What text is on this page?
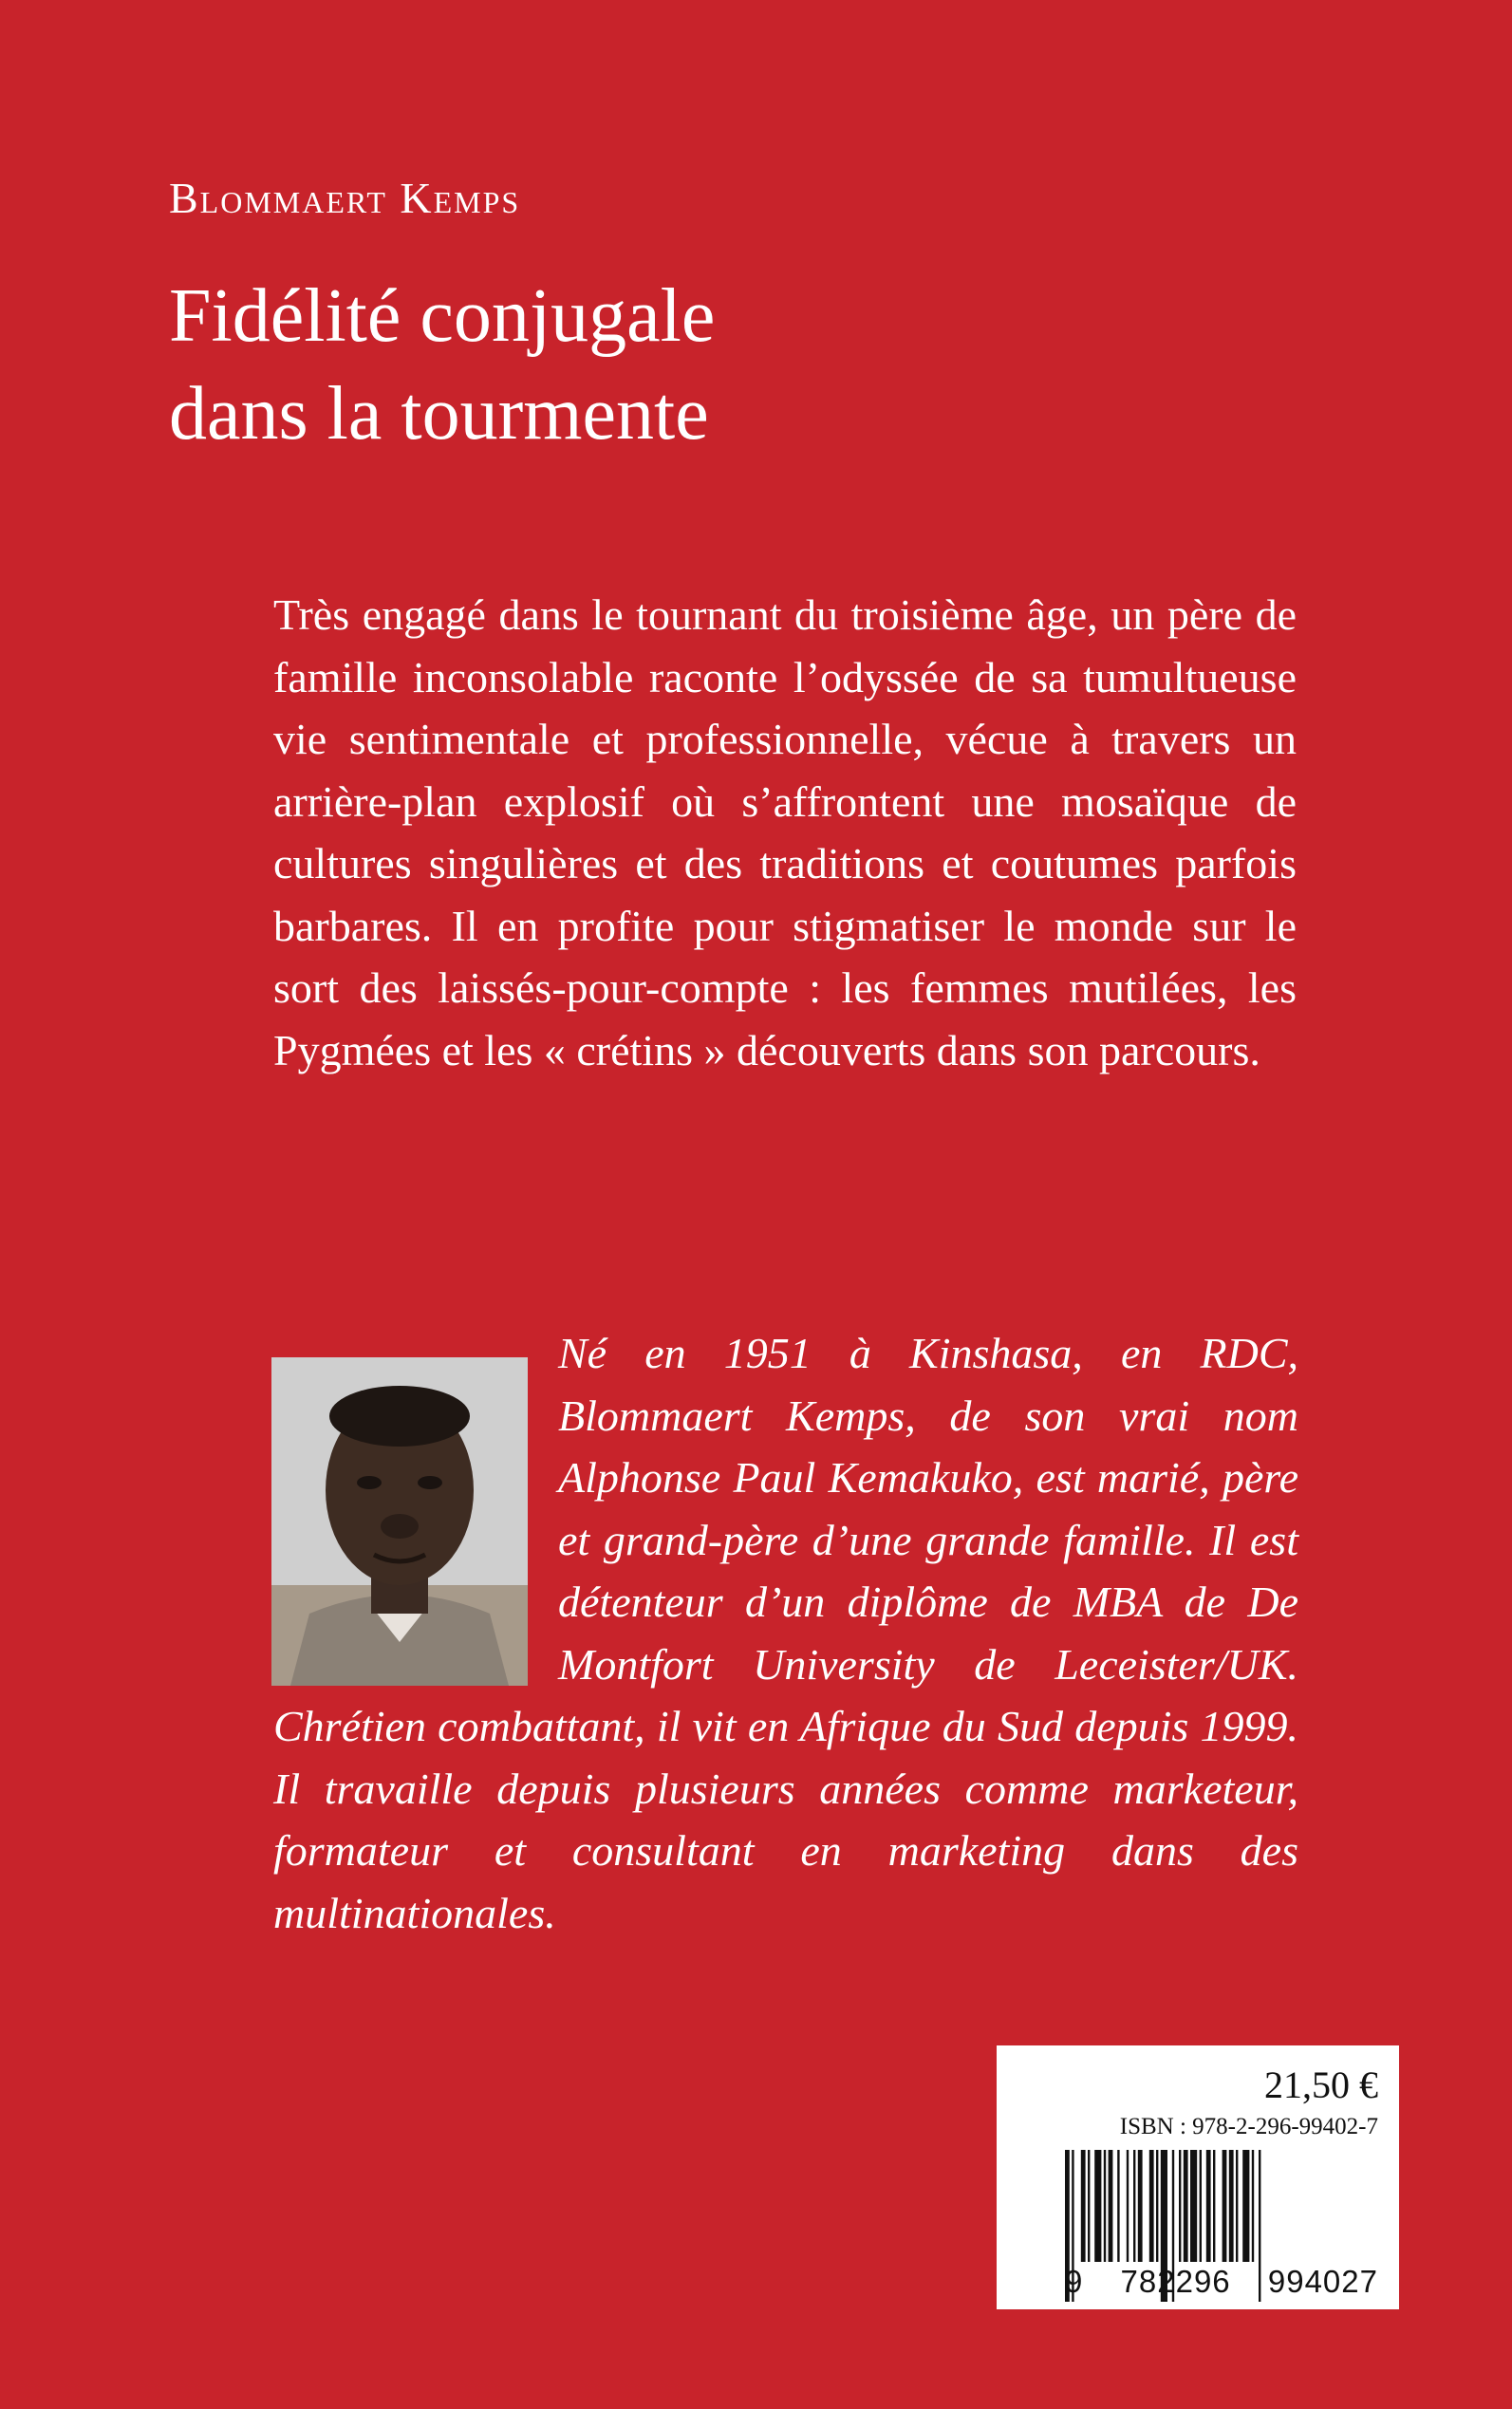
Blommaert Kemps
Fidélité conjugale
dans la tourmente

Très engagé dans le tournant du troisième âge, un père de famille inconsolable raconte l’odyssée de sa tumultueuse vie sentimentale et professionnelle, vécue à travers un arrière-plan explosif où s’affrontent une mosaïque de cultures singulières et des traditions et coutumes parfois barbares. Il en profite pour stigmatiser le monde sur le sort des laissés-pour-compte : les femmes mutilées, les Pygmées et les « crétins » découverts dans son parcours.

Né en 1951 à Kinshasa, en RDC, Blommaert Kemps, de son vrai nom Alphonse Paul Kemakuko, est marié, père et grand-père d’une grande famille. Il est détenteur d’un diplôme de MBA de De Montfort University de Leceister/UK. Chrétien combattant, il vit en Afrique du Sud depuis 1999. Il travaille depuis plusieurs années comme marketeur, formateur et consultant en marketing dans des multinationales.

21,50 €
ISBN : 978-2-296-99402-7
9 782296 994027
